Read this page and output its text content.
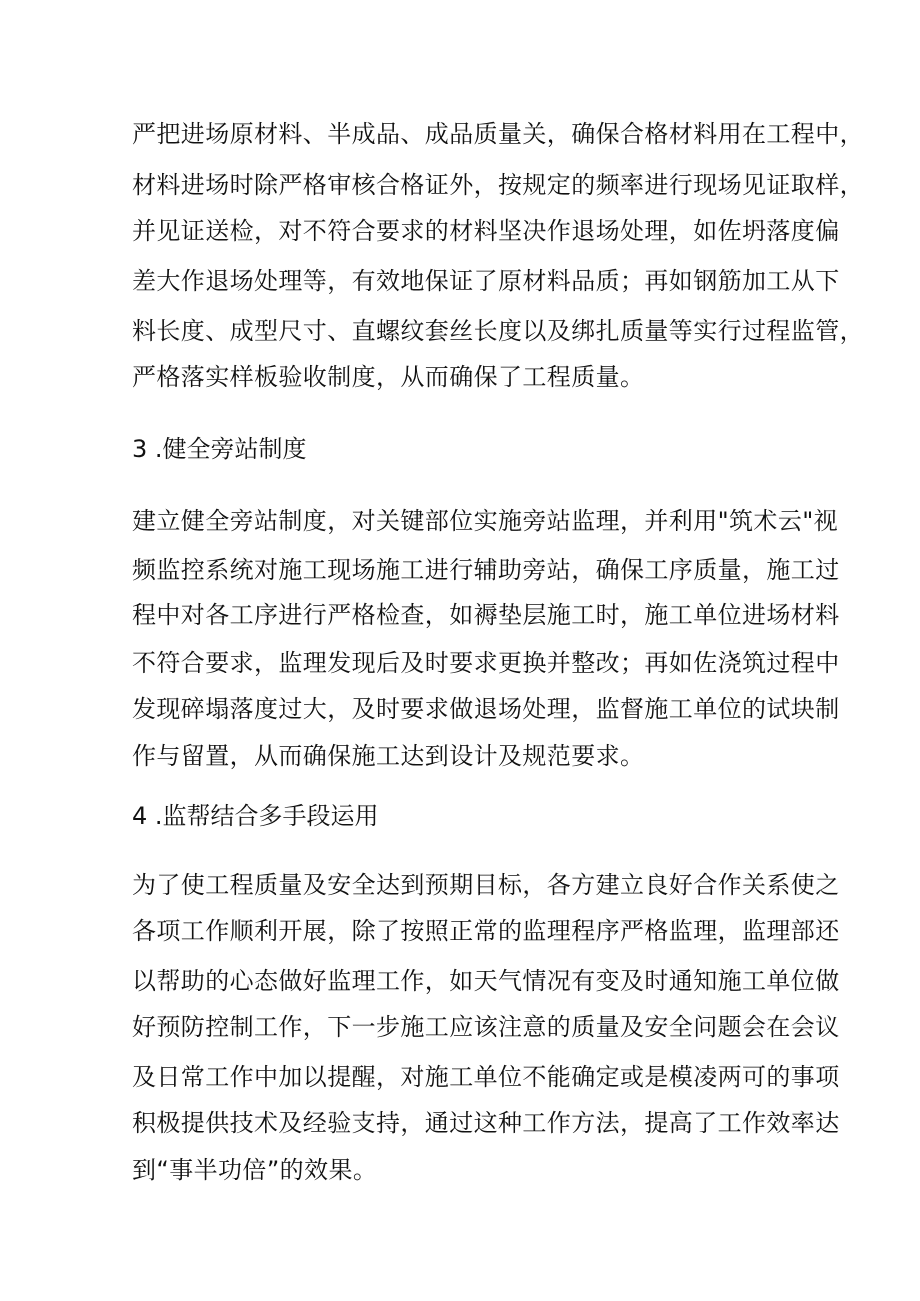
严把进场原材料、半成品、成品质量关，确保合格材料用在工程中，
材料进场时除严格审核合格证外，按规定的频率进行现场见证取样，
并见证送检，对不符合要求的材料坚决作退场处理，如佐坍落度偏
差大作退场处理等，有效地保证了原材料品质；再如钢筋加工从下
料长度、成型尺寸、直螺纹套丝长度以及绑扎质量等实行过程监管，
严格落实样板验收制度，从而确保了工程质量。
3 .健全旁站制度
建立健全旁站制度，对关键部位实施旁站监理，并利用"筑术云"视
频监控系统对施工现场施工进行辅助旁站，确保工序质量，施工过
程中对各工序进行严格检查，如褥垫层施工时，施工单位进场材料
不符合要求，监理发现后及时要求更换并整改；再如佐浇筑过程中
发现碎塌落度过大，及时要求做退场处理，监督施工单位的试块制
作与留置，从而确保施工达到设计及规范要求。
4 .监帮结合多手段运用
为了使工程质量及安全达到预期目标，各方建立良好合作关系使之
各项工作顺利开展，除了按照正常的监理程序严格监理，监理部还
以帮助的心态做好监理工作，如天气情况有变及时通知施工单位做
好预防控制工作，下一步施工应该注意的质量及安全问题会在会议
及日常工作中加以提醒，对施工单位不能确定或是模凌两可的事项
积极提供技术及经验支持，通过这种工作方法，提高了工作效率达
到“事半功倍”的效果。
